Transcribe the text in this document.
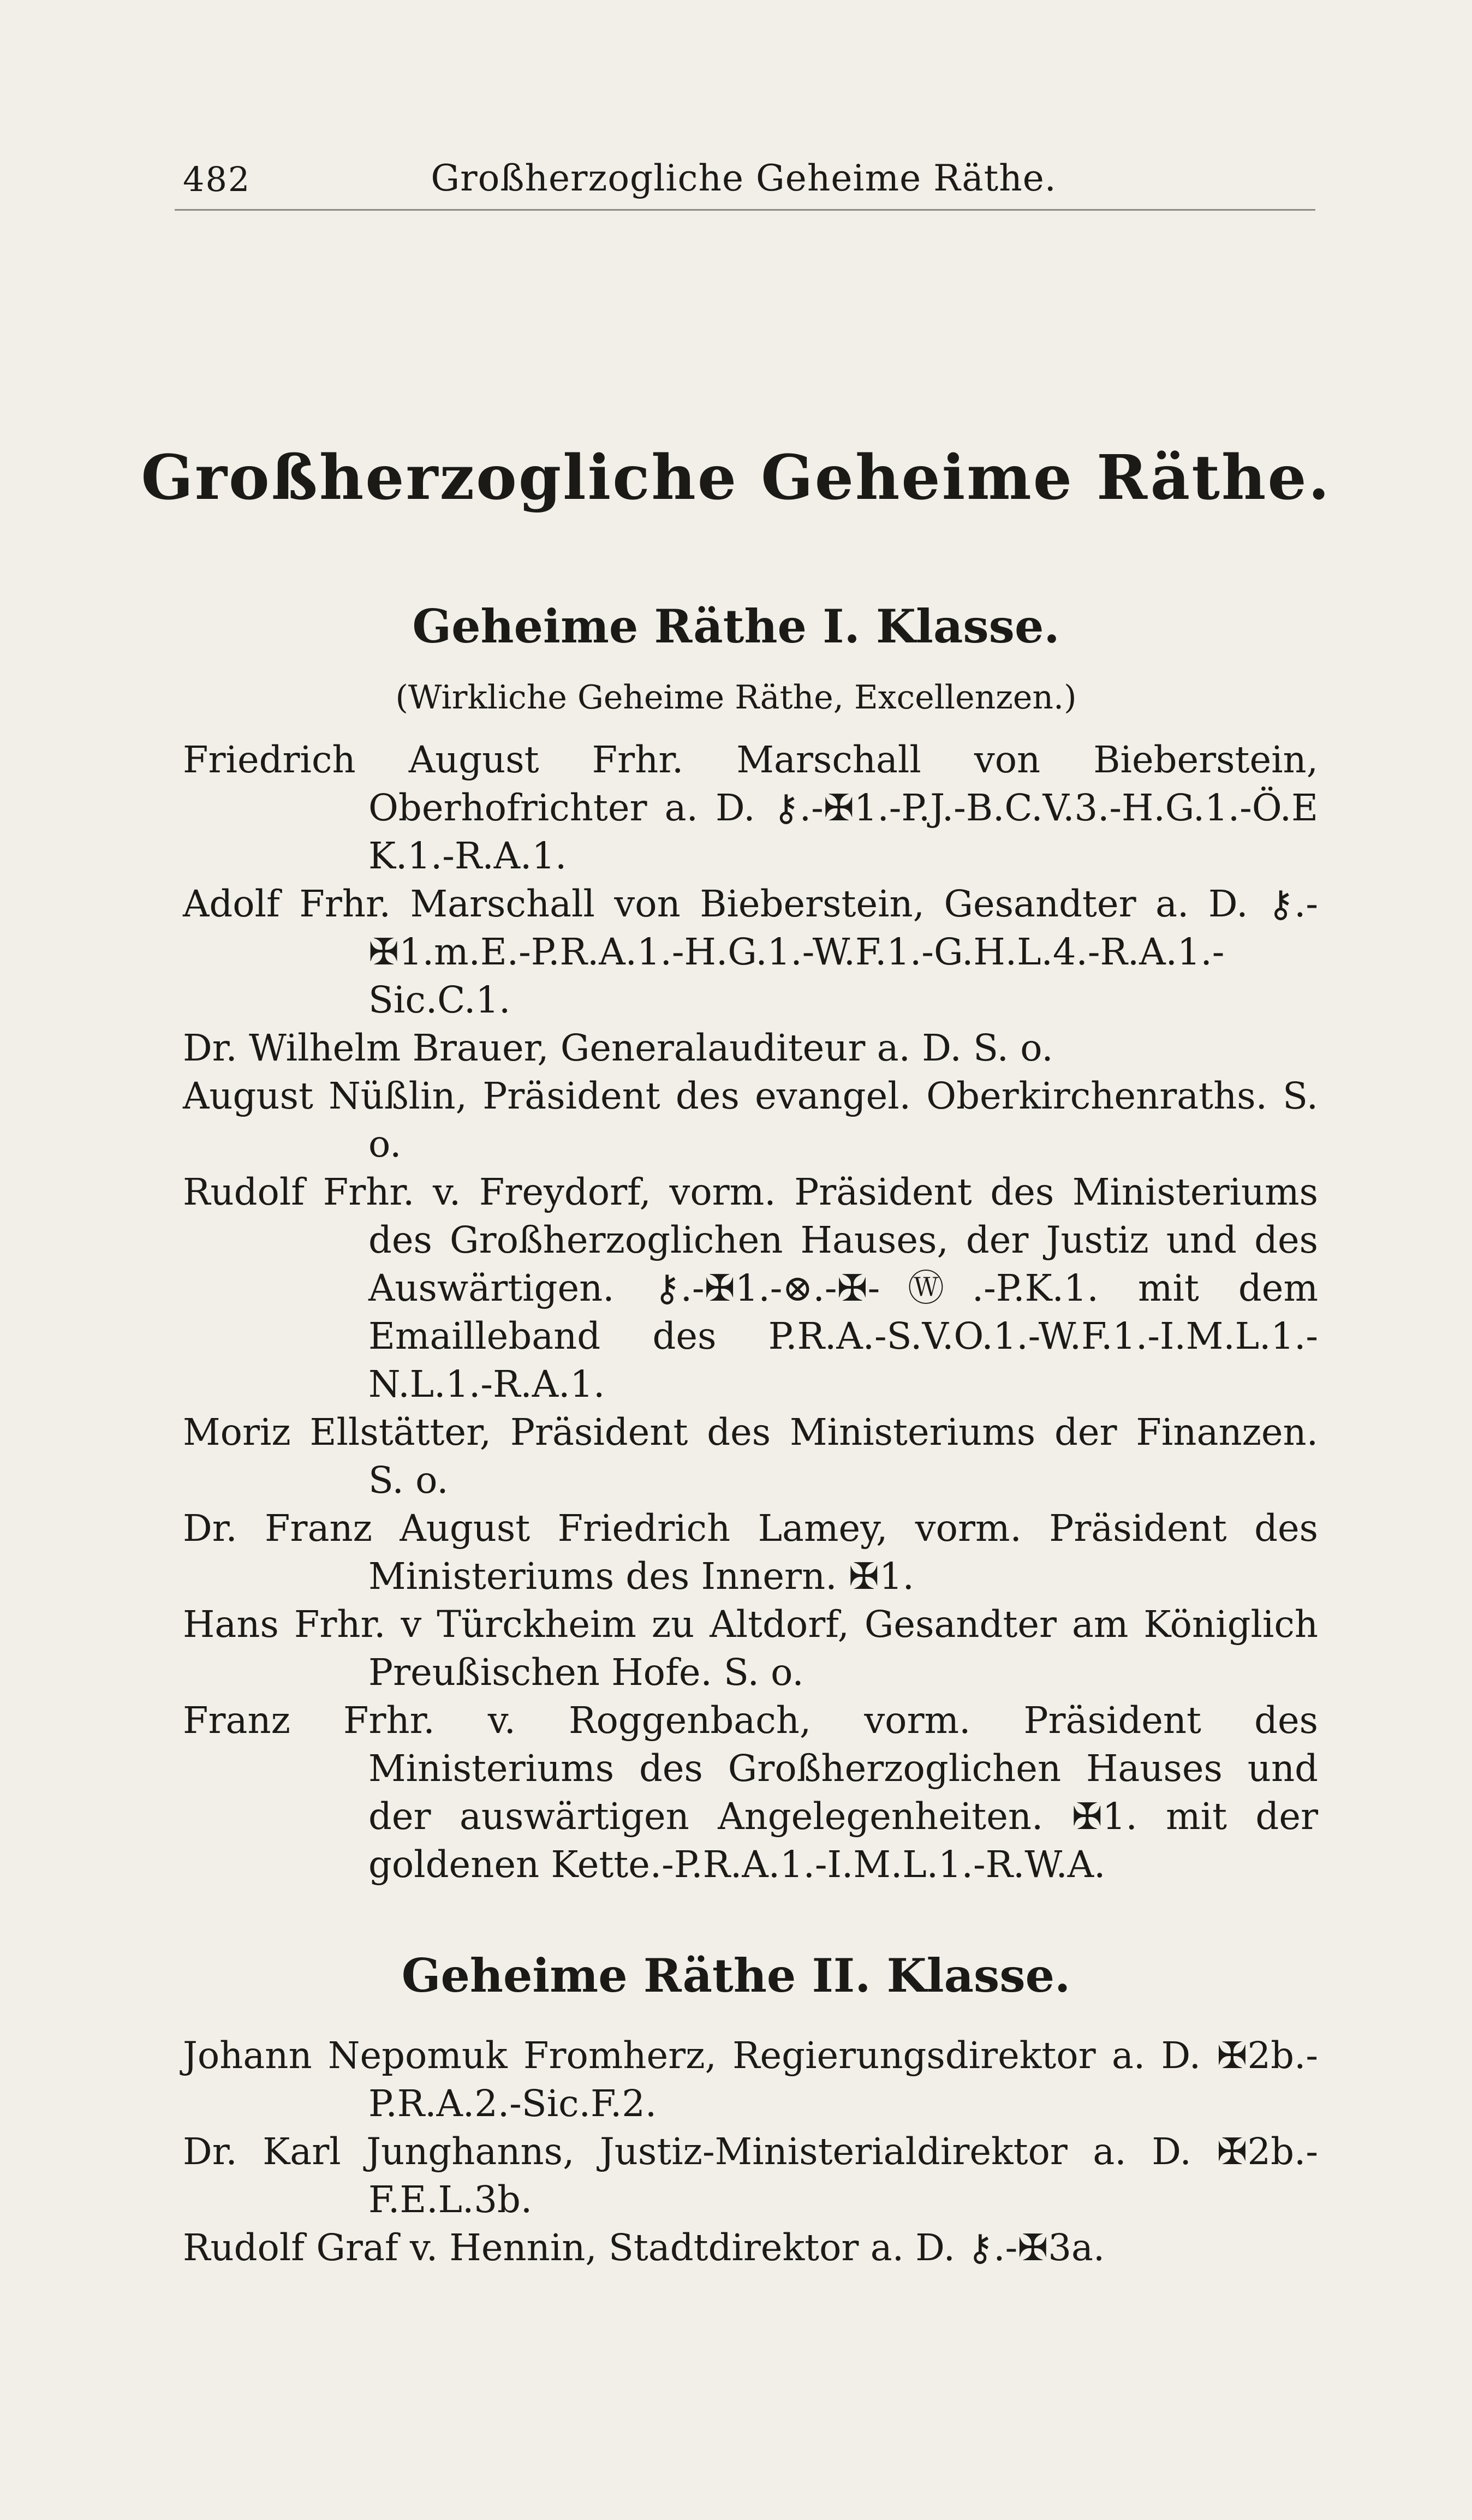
482	Großherzogliche Geheime Räthe.
Großherzogliche Geheime Räthe.
Geheime Räthe I. Klasse.
(Wirkliche Geheime Räthe, Excellenzen.)
Friedrich August Frhr. Marschall von Bieberstein, Oberhofrichter a. D. ⚷.-✠1.-P.J.-B.C.V.3.-H.G.1.-Ö.E K.1.-R.A.1.
Adolf Frhr. Marschall von Bieberstein, Gesandter a. D. ⚷.-✠1.m.E.-P.R.A.1.-H.G.1.-W.F.1.-G.H.L.4.-R.A.1.-Sic.C.1.
Dr. Wilhelm Brauer, Generalauditeur a. D. S. o.
August Nüßlin, Präsident des evangel. Oberkirchenraths. S. o.
Rudolf Frhr. v. Freydorf, vorm. Präsident des Ministeriums des Großherzoglichen Hauses, der Justiz und des Auswärtigen. ⚷.-✠1.-⊗.-✠-Ⓦ.-P.K.1. mit dem Emailleband des P.R.A.-S.V.O.1.-W.F.1.-I.M.L.1.-N.L.1.-R.A.1.
Moriz Ellstätter, Präsident des Ministeriums der Finanzen. S. o.
Dr. Franz August Friedrich Lamey, vorm. Präsident des Ministeriums des Innern. ✠1.
Hans Frhr. v Türckheim zu Altdorf, Gesandter am Königlich Preußischen Hofe. S. o.
Franz Frhr. v. Roggenbach, vorm. Präsident des Ministeriums des Großherzoglichen Hauses und der auswärtigen Angelegenheiten. ✠1. mit der goldenen Kette.-P.R.A.1.-I.M.L.1.-R.W.A.
Geheime Räthe II. Klasse.
Johann Nepomuk Fromherz, Regierungsdirektor a. D. ✠2b.-P.R.A.2.-Sic.F.2.
Dr. Karl Junghanns, Justiz-Ministerialdirektor a. D. ✠2b.-F.E.L.3b.
Rudolf Graf v. Hennin, Stadtdirektor a. D. ⚷.-✠3a.
